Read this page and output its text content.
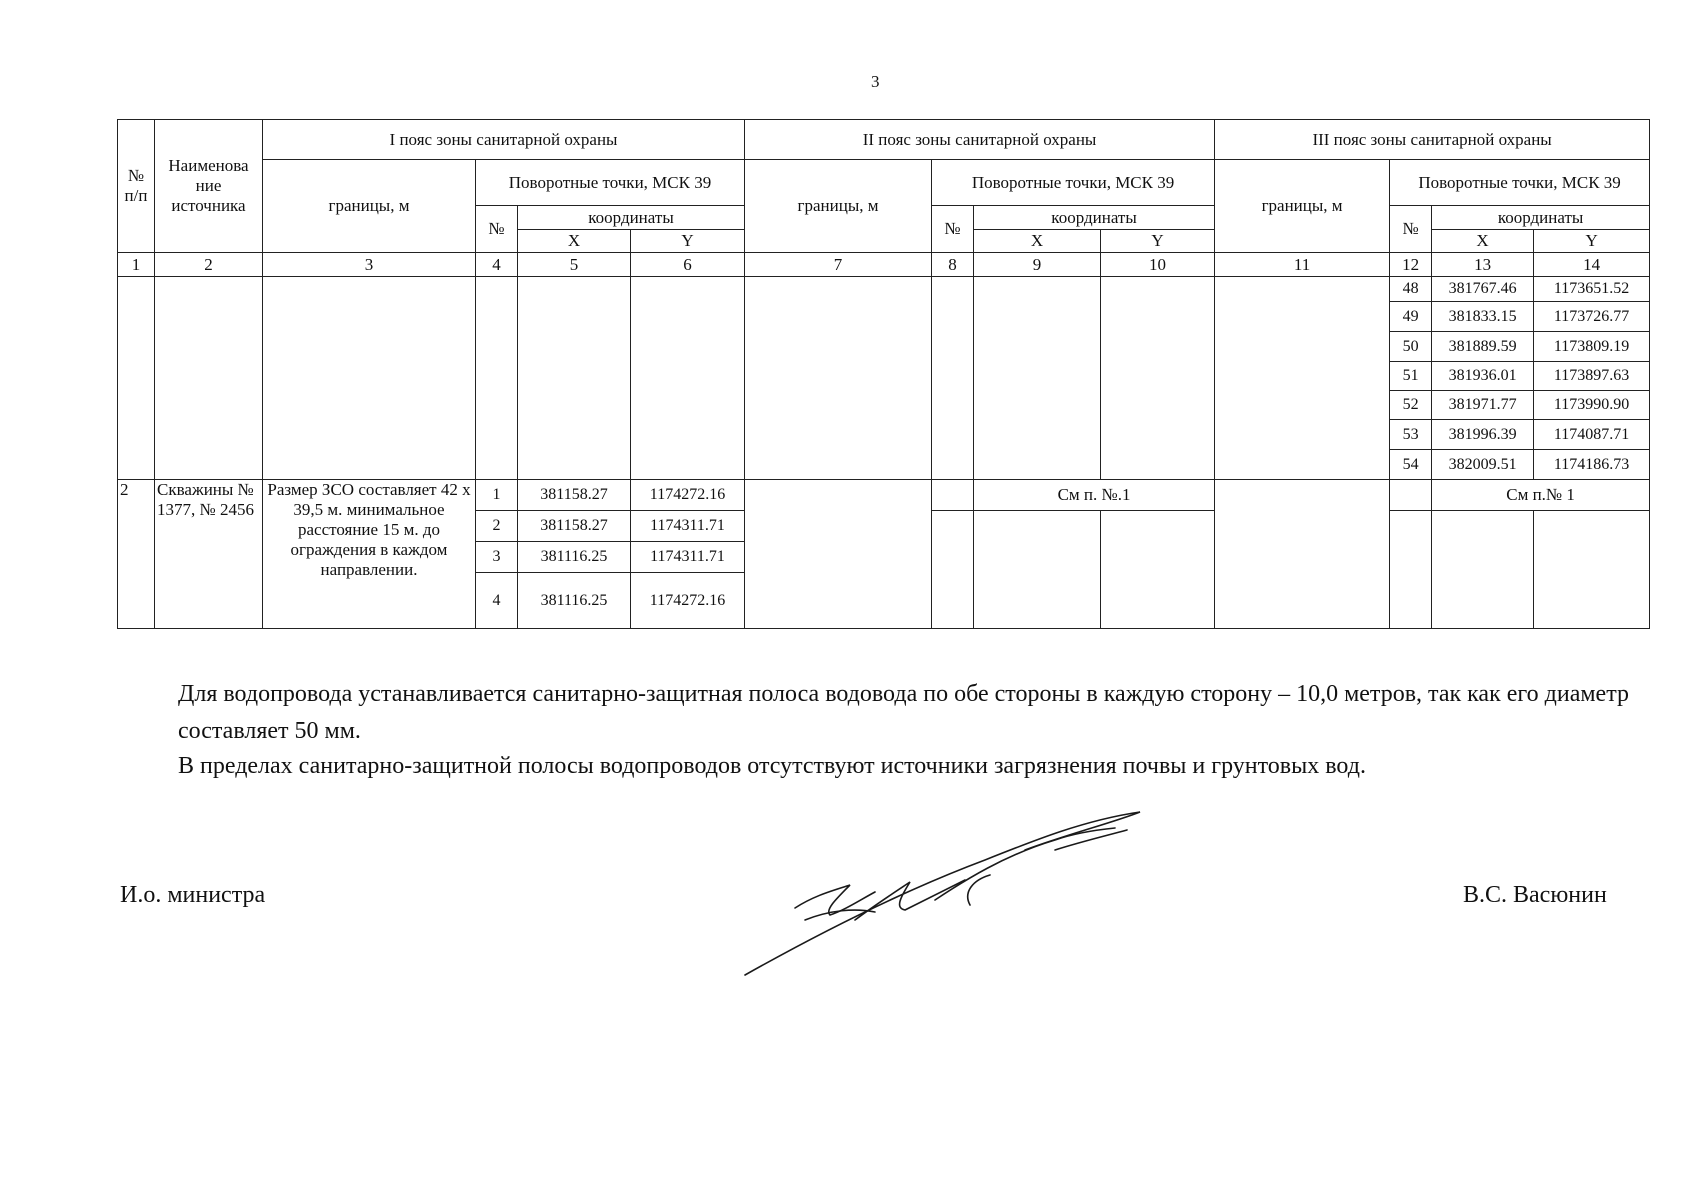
3
№ п/п	Наименова ние источника	I пояс зоны санитарной охраны				II пояс зоны санитарной охраны				III пояс зоны санитарной охраны			
		границы, м	Поворотные точки, МСК 39			границы, м	Поворотные точки, МСК 39			границы, м	Поворотные точки, МСК 39		
			№	координаты			№	координаты			№	координаты	
				X	Y			X	Y			X	Y
1	2	3	4	5	6	7	8	9	10	11	12	13	14
											48	381767.46	1173651.52
											49	381833.15	1173726.77
											50	381889.59	1173809.19
											51	381936.01	1173897.63
											52	381971.77	1173990.90
											53	381996.39	1174087.71
											54	382009.51	1174186.73
2	Скважины № 1377, № 2456	Размер ЗСО составляет 42 х 39,5 м. минимальное расстояние 15 м. до ограждения в каждом направлении.	1	381158.27	1174272.16			См п. №.1				См п.№ 1	
			2	381158.27	1174311.71								
			3	381116.25	1174311.71								
			4	381116.25	1174272.16								
Для водопровода устанавливается санитарно-защитная полоса водовода по обе стороны в каждую сторону – 10,0 метров, так как его диаметр составляет 50 мм.
В пределах санитарно-защитной полосы водопроводов отсутствуют источники загрязнения почвы и грунтовых вод.
И.о. министра	В.С. Васюнин
